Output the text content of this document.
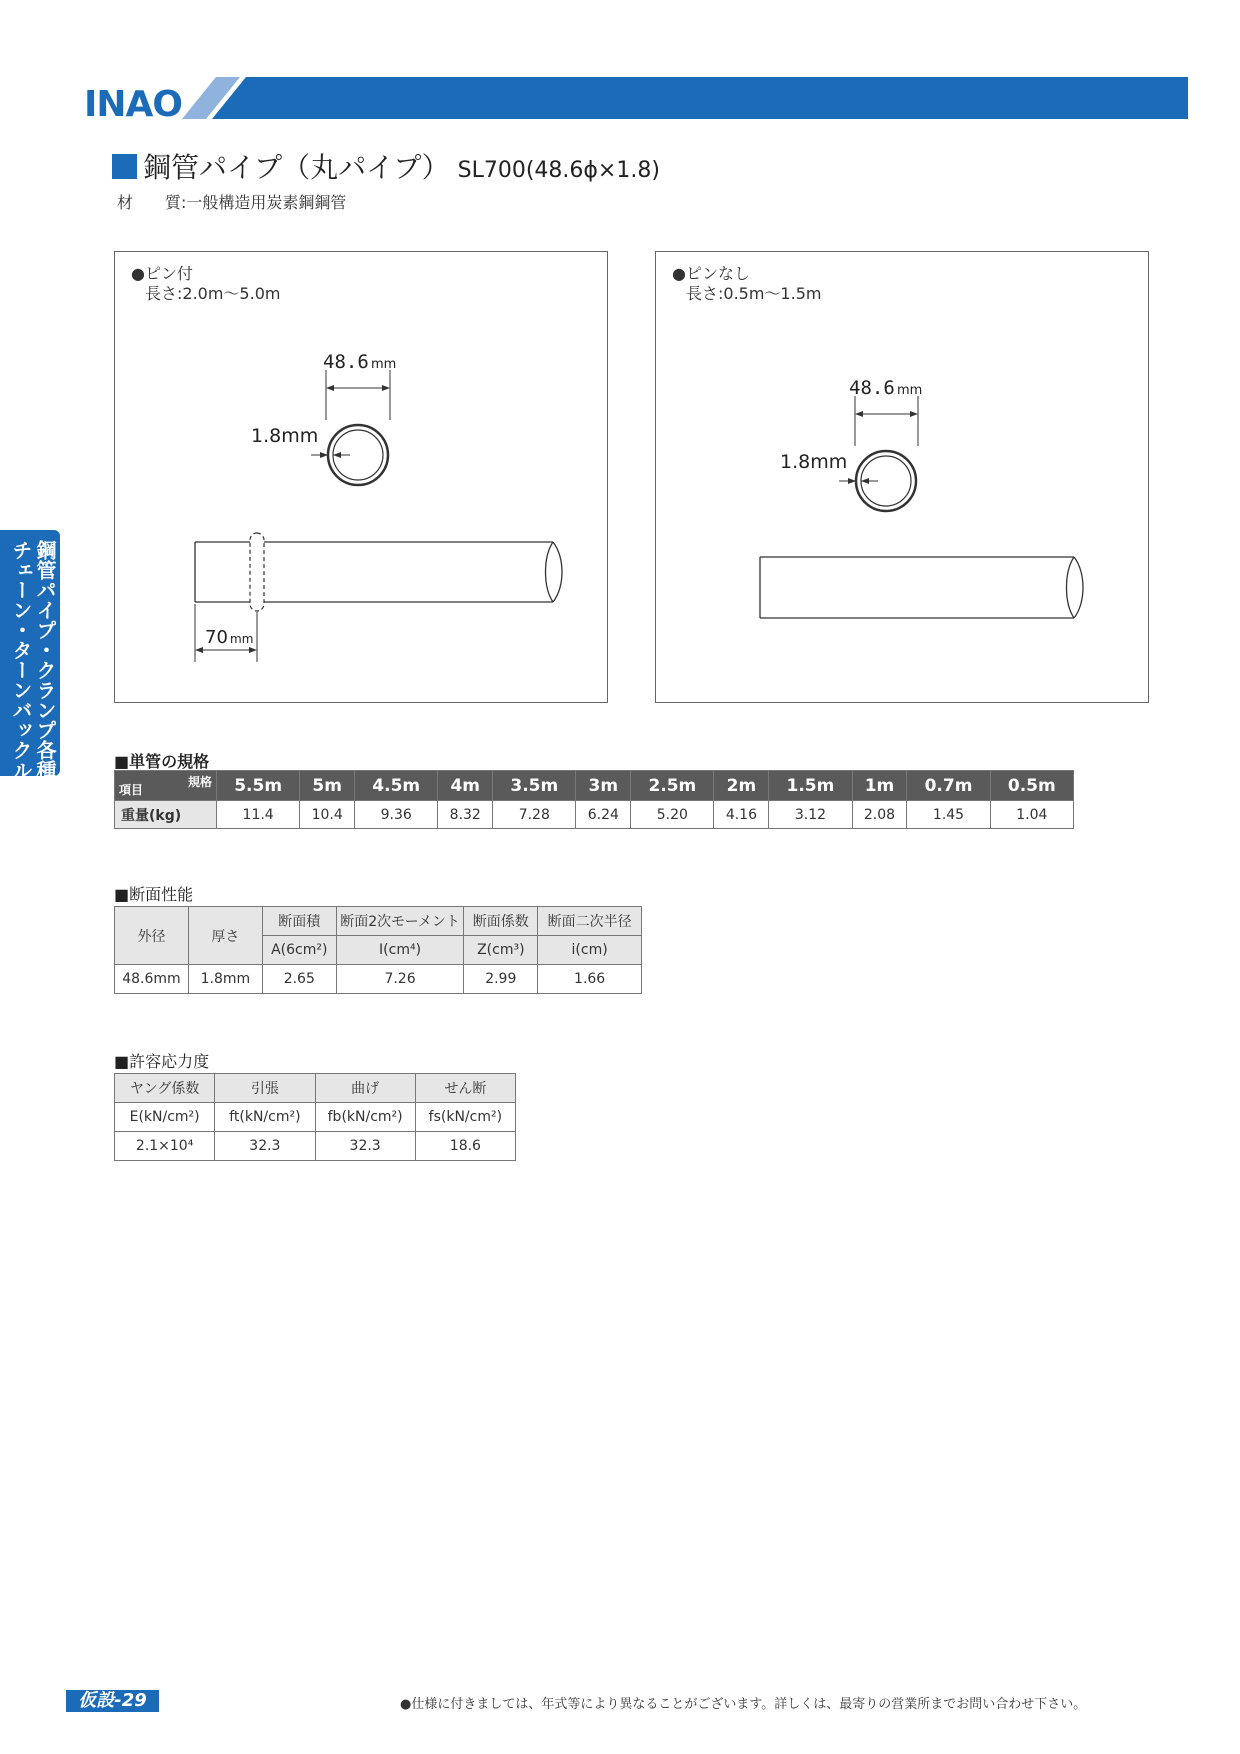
INAO
鋼管パイプ（丸パイプ） SL700(48.6ϕ×1.8)
材　　質:一般構造用炭素鋼鋼管
鋼管パイプ・クランプ各種
チェーン・ターンバックル・足場板
●ピン付
長さ:2.0m〜5.0m
48.6 mm
1.8mm
70 mm
●ピンなし
長さ:0.5m〜1.5m
48.6 mm
1.8mm
■単管の規格
規格
項目	5.5m	5m	4.5m	4m	3.5m	3m	2.5m	2m	1.5m	1m	0.7m	0.5m
重量(kg)	11.4	10.4	9.36	8.32	7.28	6.24	5.20	4.16	3.12	2.08	1.45	1.04
■断面性能
外径	厚さ	断面積	断面2次モーメント	断面係数	断面二次半径
		A(6cm²)	I(cm⁴)	Z(cm³)	i(cm)
48.6mm	1.8mm	2.65	7.26	2.99	1.66
■許容応力度
ヤング係数	引張	曲げ	せん断
E(kN/cm²)	ft(kN/cm²)	fb(kN/cm²)	fs(kN/cm²)
2.1×10⁴	32.3	32.3	18.6
仮設-29	●仕様に付きましては、年式等により異なることがございます。詳しくは、最寄りの営業所までお問い合わせ下さい。
